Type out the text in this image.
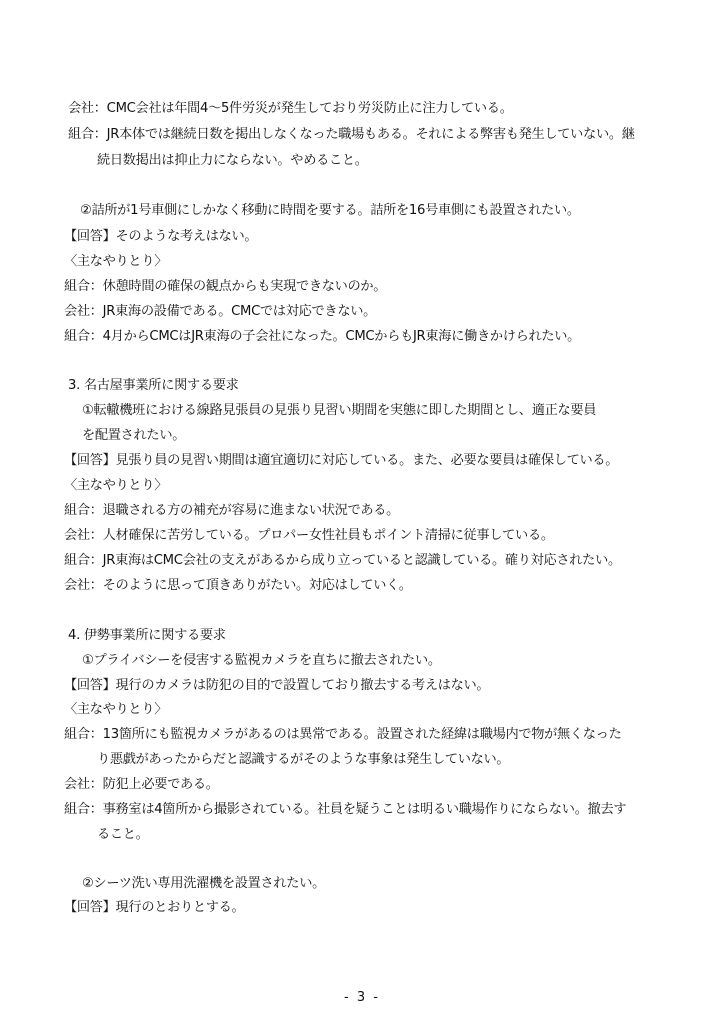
会社：CMC会社は年間4～5件労災が発生しており労災防止に注力している。
組合：JR本体では継続日数を掲出しなくなった職場もある。それによる弊害も発生していない。継
続日数掲出は抑止力にならない。やめること。
②詰所が1号車側にしかなく移動に時間を要する。詰所を16号車側にも設置されたい。
【回答】そのような考えはない。
〈主なやりとり〉
組合：休憩時間の確保の観点からも実現できないのか。
会社：JR東海の設備である。CMCでは対応できない。
組合：4月からCMCはJR東海の子会社になった。CMCからもJR東海に働きかけられたい。
3. 名古屋事業所に関する要求
①転轍機班における線路見張員の見張り見習い期間を実態に即した期間とし、適正な要員
を配置されたい。
【回答】見張り員の見習い期間は適宜適切に対応している。また、必要な要員は確保している。
〈主なやりとり〉
組合：退職される方の補充が容易に進まない状況である。
会社：人材確保に苦労している。プロパー女性社員もポイント清掃に従事している。
組合：JR東海はCMC会社の支えがあるから成り立っていると認識している。確り対応されたい。
会社：そのように思って頂きありがたい。対応はしていく。
4. 伊勢事業所に関する要求
①プライバシーを侵害する監視カメラを直ちに撤去されたい。
【回答】現行のカメラは防犯の目的で設置しており撤去する考えはない。
〈主なやりとり〉
組合：13箇所にも監視カメラがあるのは異常である。設置された経緯は職場内で物が無くなった
り悪戯があったからだと認識するがそのような事象は発生していない。
会社：防犯上必要である。
組合：事務室は4箇所から撮影されている。社員を疑うことは明るい職場作りにならない。撤去す
ること。
②シーツ洗い専用洗濯機を設置されたい。
【回答】現行のとおりとする。
- 3 -
